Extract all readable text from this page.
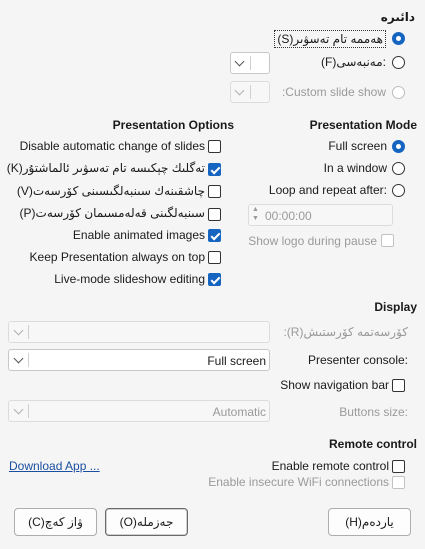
دائىرە
ھەممە تام تەسۋىر(S)
:مەنبەسى(F)
:Custom slide show
Presentation Options
Disable automatic change of slides
تەگلىك چېكىسە تام تەسۋىر ئالماشتۇر(K)
چاشقىنەك سىنبەلگىسىنى كۆرسەت(V)
سىنبەلگىنى قەلەمسىمان كۆرسەت(P)
Enable animated images
Keep Presentation always on top
Live-mode slideshow editing
Presentation Mode
Full screen
In a window
Loop and repeat after:
▲
▼ 00:00:00
Show logo during pause
Display
كۆرسەتمە كۆرستىش(R):
Full screen	Presenter console:
Show navigation bar
Automatic	Buttons size:
Remote control
Download App ...	Enable remote control
Enable insecure WiFi connections
ۋاز كەچ(C)	جەزملە(O)	ياردەم(H)
